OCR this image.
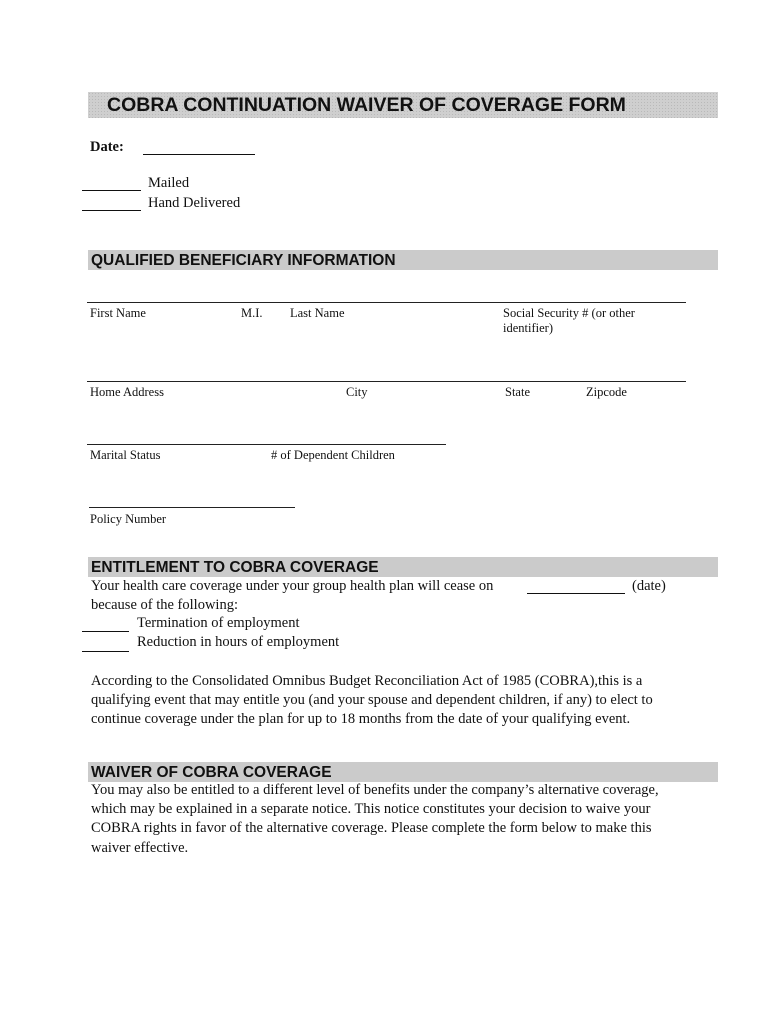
COBRA CONTINUATION WAIVER OF COVERAGE FORM
Date:
Mailed
Hand Delivered
QUALIFIED BENEFICIARY INFORMATION
First Name	M.I. Last Name	Social Security # (or other
identifier)
Home Address	City	State	Zipcode
Marital Status	# of Dependent Children
Policy Number
ENTITLEMENT TO COBRA COVERAGE
Your health care coverage under your group health plan will cease on	(date)
because of the following:
Termination of employment
Reduction in hours of employment
According to the Consolidated Omnibus Budget Reconciliation Act of 1985 (COBRA),this is a
qualifying event that may entitle you (and your spouse and dependent children, if any) to elect to
continue coverage under the plan for up to 18 months from the date of your qualifying event.
WAIVER OF COBRA COVERAGE
You may also be entitled to a different level of benefits under the company’s alternative coverage,
which may be explained in a separate notice. This notice constitutes your decision to waive your
COBRA rights in favor of the alternative coverage. Please complete the form below to make this
waiver effective.
